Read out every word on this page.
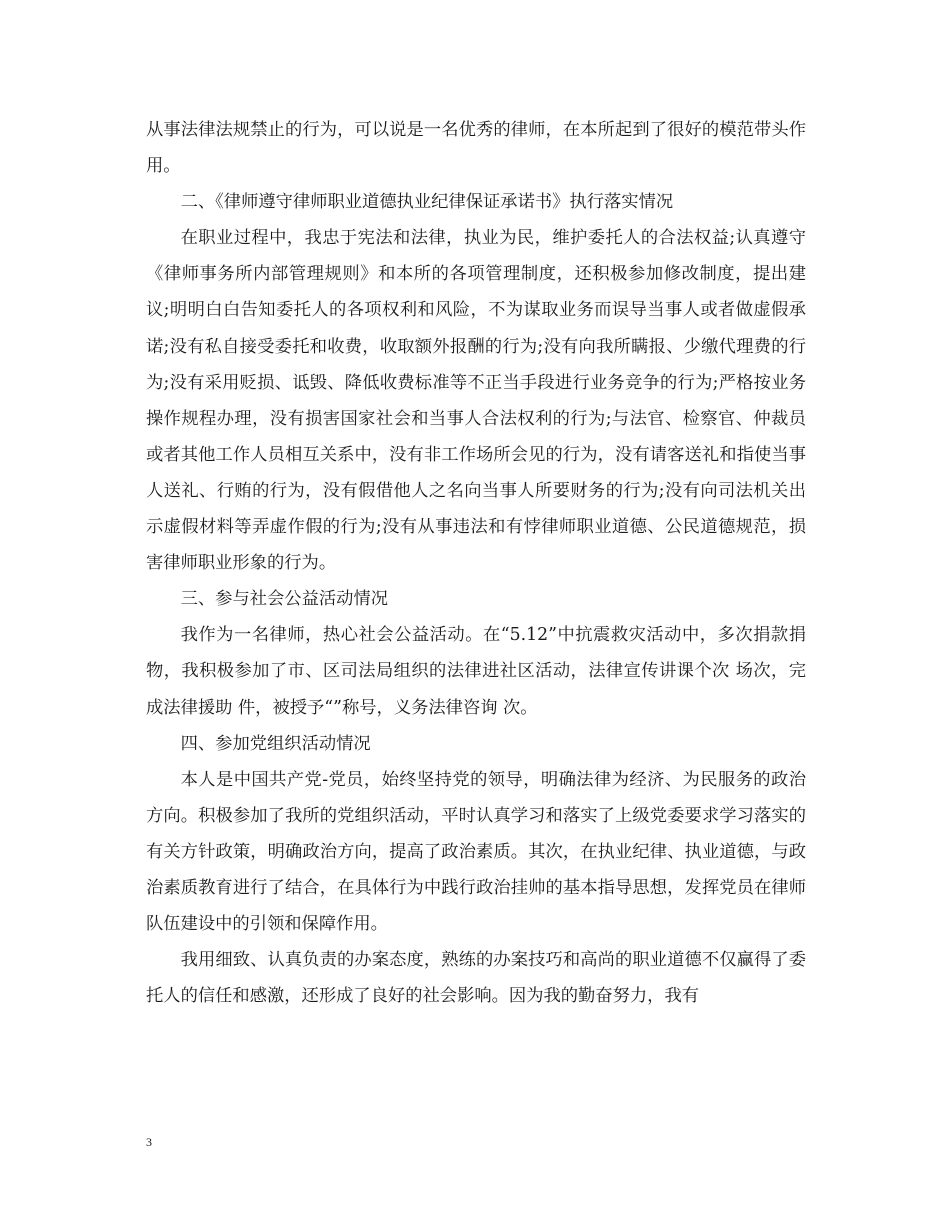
从事法律法规禁止的行为，可以说是一名优秀的律师，在本所起到了很好的模范带头作用。

二、《律师遵守律师职业道德执业纪律保证承诺书》执行落实情况

在职业过程中，我忠于宪法和法律，执业为民，维护委托人的合法权益;认真遵守《律师事务所内部管理规则》和本所的各项管理制度，还积极参加修改制度，提出建议;明明白白告知委托人的各项权利和风险，不为谋取业务而误导当事人或者做虚假承诺;没有私自接受委托和收费，收取额外报酬的行为;没有向我所瞒报、少缴代理费的行为;没有采用贬损、诋毁、降低收费标准等不正当手段进行业务竞争的行为;严格按业务操作规程办理，没有损害国家社会和当事人合法权利的行为;与法官、检察官、仲裁员或者其他工作人员相互关系中，没有非工作场所会见的行为，没有请客送礼和指使当事人送礼、行贿的行为，没有假借他人之名向当事人所要财务的行为;没有向司法机关出示虚假材料等弄虚作假的行为;没有从事违法和有悖律师职业道德、公民道德规范，损害律师职业形象的行为。

三、参与社会公益活动情况

我作为一名律师，热心社会公益活动。在“5.12”中抗震救灾活动中，多次捐款捐物，我积极参加了市、区司法局组织的法律进社区活动，法律宣传讲课个次 场次，完成法律援助 件，被授予“”称号，义务法律咨询 次。

四、参加党组织活动情况

本人是中国共产党-党员，始终坚持党的领导，明确法律为经济、为民服务的政治方向。积极参加了我所的党组织活动，平时认真学习和落实了上级党委要求学习落实的有关方针政策，明确政治方向，提高了政治素质。其次，在执业纪律、执业道德，与政治素质教育进行了结合，在具体行为中践行政治挂帅的基本指导思想，发挥党员在律师队伍建设中的引领和保障作用。

我用细致、认真负责的办案态度，熟练的办案技巧和高尚的职业道德不仅赢得了委托人的信任和感激，还形成了良好的社会影响。因为我的勤奋努力，我有

3
